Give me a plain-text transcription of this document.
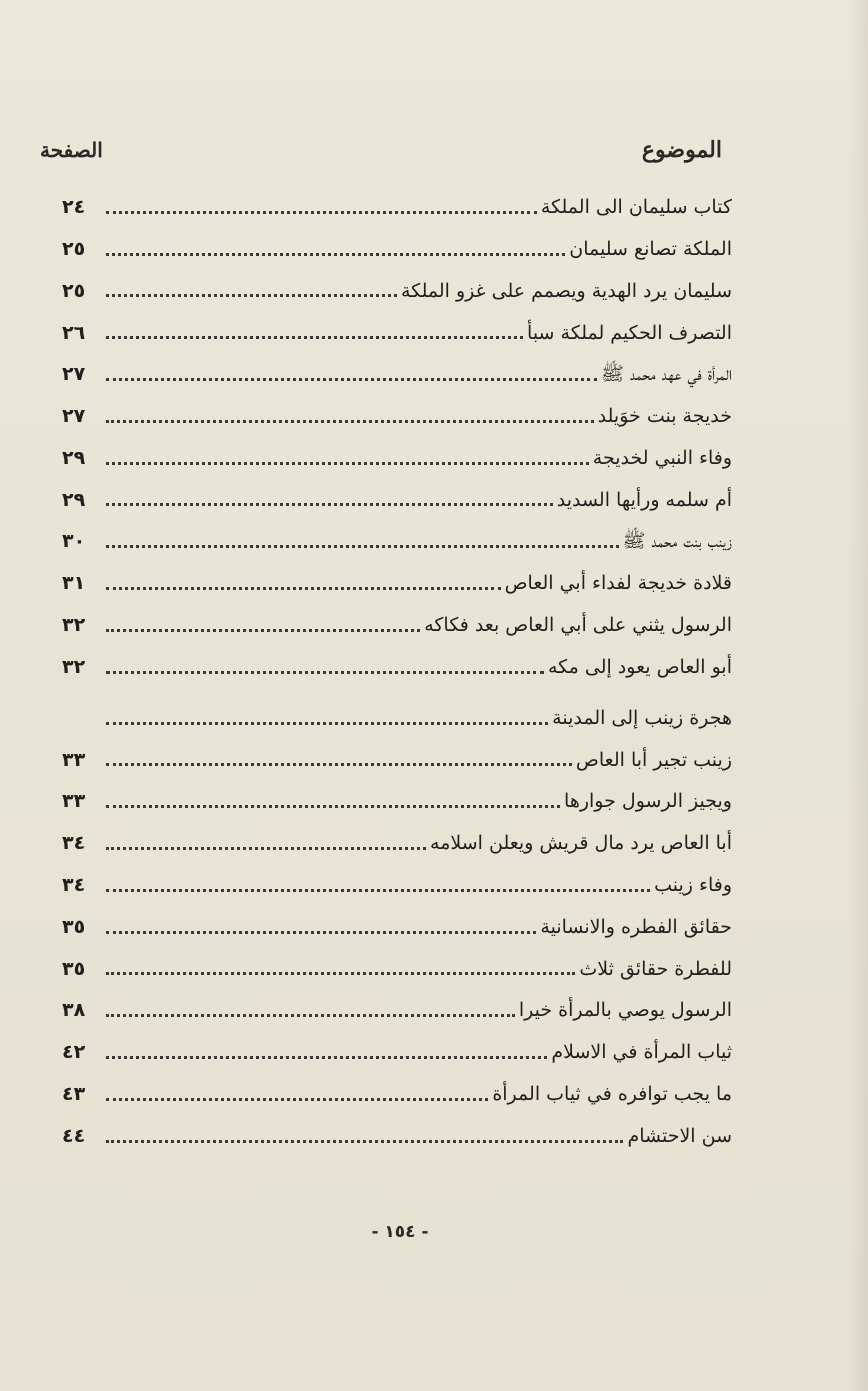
الموضوع
الصفحة
كتاب سليمان الى الملكة
٢٤
الملكة تصانع سليمان
٢٥
سليمان يرد الهدية ويصمم على غزو الملكة
٢٥
التصرف الحكيم لملكة سبأ
٢٦
المرأة في عهد محمد ﷺ
٢٧
خديجة بنت خوَيلد
٢٧
وفاء النبي لخديجة
٢٩
أم سلمه ورأيها السديد
٢٩
زينب بنت محمد ﷺ
٣٠
قلادة خديجة لفداء أبي العاص
٣١
الرسول يثني على أبي العاص بعد فكاكه
٣٢
أبو العاص يعود إلى مكه
٣٢
هجرة زينب إلى المدينة
زينب تجير أبا العاص
٣٣
ويجيز الرسول جوارها
٣٣
أبا العاص يرد مال قريش ويعلن اسلامه
٣٤
وفاء زينب
٣٤
حقائق الفطره والانسانية
٣٥
للفطرة حقائق ثلاث
٣٥
الرسول يوصي بالمرأة خيرا
٣٨
ثياب المرأة في الاسلام
٤٢
ما يجب توافره في ثياب المرأة
٤٣
سن الاحتشام
٤٤
- ١٥٤ -
